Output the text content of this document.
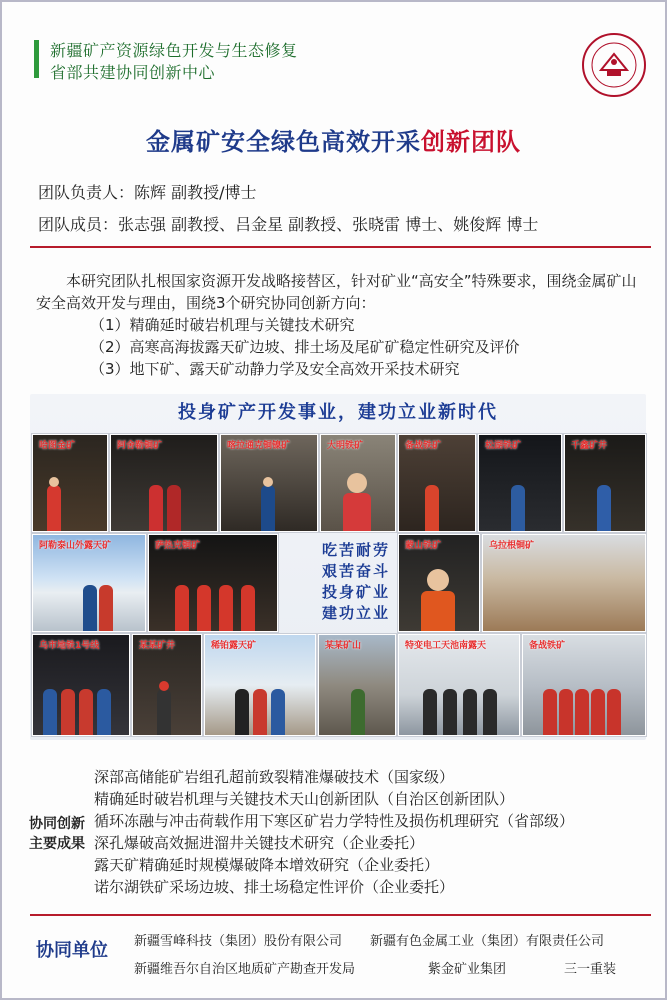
新疆矿产资源绿色开发与生态修复
省部共建协同创新中心
金属矿安全绿色高效开采创新团队
团队负责人：陈辉 副教授/博士
团队成员：张志强 副教授、吕金星 副教授、张晓雷 博士、姚俊辉 博士

本研究团队扎根国家资源开发战略接替区，针对矿业“高安全”特殊要求，围绕金属矿山安全高效开发与理由，围绕3个研究协同创新方向：

（1）精确延时破岩机理与关键技术研究

（2）高寒高海拔露天矿边坡、排土场及尾矿矿稳定性研究及评价

（3）地下矿、露天矿动静力学及安全高效开采技术研究

投身矿产开发事业，建功立业新时代
哈图金矿	阿舍勒铜矿	喀拉通克铜镍矿	大明铁矿	备战铁矿	松湖铁矿	千鑫矿井
阿勒泰山外露天矿	萨热克铜矿	吃苦耐劳
艰苦奋斗
投身矿业
建功立业
蒙山铁矿	乌拉根铜矿
乌市地铁1号线	某某矿井	稀铂露天矿	某某矿山	特变电工天池南露天	备战铁矿
协同创新
主要成果
深部高储能矿岩组孔超前致裂精准爆破技术（国家级）
精确延时破岩机理与关键技术天山创新团队（自治区创新团队）
循环冻融与冲击荷载作用下寒区矿岩力学特性及损伤机理研究（省部级）
深孔爆破高效掘进溜井关键技术研究（企业委托）
露天矿精确延时规模爆破降本增效研究（企业委托）
诺尔湖铁矿采场边坡、排土场稳定性评价（企业委托）
协同单位 新疆雪峰科技（集团）股份有限公司 新疆有色金属工业（集团）有限责任公司
新疆维吾尔自治区地质矿产勘查开发局	紫金矿业集团	三一重装
